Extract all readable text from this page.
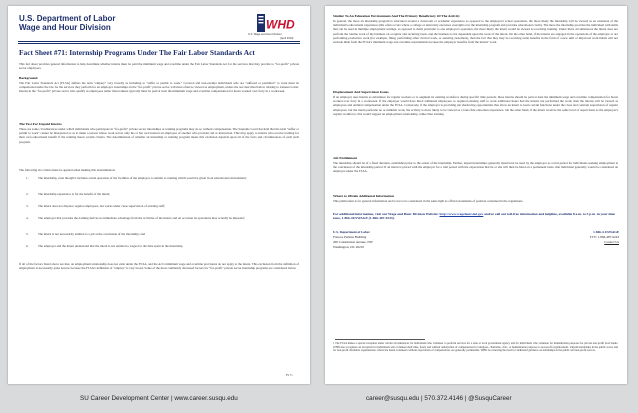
U.S. Department of Labor
Wage and Hour Division	WHD
U.S. Wage and Hour Division
(April 2010)
Fact Sheet #71: Internship Programs Under The Fair Labor Standards Act
This fact sheet provides general information to help determine whether interns must be paid the minimum wage and overtime under the Fair Labor Standards Act for the services that they provide to "for-profit" private sector employers.
Background
The Fair Labor Standards Act (FLSA) defines the term "employ" very broadly as including to "suffer or permit to work." Covered and non-exempt individuals who are "suffered or permitted" to work must be compensated under the law for the services they perform for an employer. Internships in the "for-profit" private sector will most often be viewed as employment, unless the test described below relating to trainees is met. Interns in the "for-profit" private sector who qualify as employees rather than trainees typically must be paid at least the minimum wage and overtime compensation for hours worked over forty in a workweek.
The Test For Unpaid Interns
There are some circumstances under which individuals who participate in "for-profit" private sector internships or training programs may do so without compensation. The Supreme Court has held that the term "suffer or permit to work" cannot be interpreted so as to make a person whose work serves only his or her own interest an employee of another who provides aid or instruction. This may apply to interns who receive training for their own educational benefit if the training meets certain criteria. The determination of whether an internship or training program meets this exclusion depends upon all of the facts and circumstances of each such program.
The following six criteria must be applied when making this determination:
1.	The internship, even though it includes actual operation of the facilities of the employer, is similar to training which would be given in an educational environment;
2.	The internship experience is for the benefit of the intern;
3.	The intern does not displace regular employees, but works under close supervision of existing staff;
4.	The employer that provides the training derives no immediate advantage from the activities of the intern; and on occasion its operations may actually be impeded;
5.	The intern is not necessarily entitled to a job at the conclusion of the internship; and
6.	The employer and the intern understand that the intern is not entitled to wages for the time spent in the internship.
If all of the factors listed above are met, an employment relationship does not exist under the FLSA, and the Act's minimum wage and overtime provisions do not apply to the intern. This exclusion from the definition of employment is necessarily quite narrow because the FLSA's definition of "employ" is very broad. Some of the most commonly discussed factors for "for-profit" private sector internship programs are considered below.
FS 71
Similar To An Education Environment And The Primary Beneficiary Of The Activity
In general, the more an internship program is structured around a classroom or academic experience as opposed to the employer's actual operations, the more likely the internship will be viewed as an extension of the individual's educational experience (this often occurs where a college or university exercises oversight over the internship program and provides educational credit). The more the internship provides the individual with skills that can be used in multiple employment settings, as opposed to skills particular to one employer's operation, the more likely the intern would be viewed as receiving training. Under these circumstances the intern does not perform the routine work of the business on a regular and recurring basis, and the business is not dependent upon the work of the intern. On the other hand, if the interns are engaged in the operations of the employer or are performing productive work (for example, filing, performing other clerical work, or assisting customers), then the fact that they may be receiving some benefits in the form of a new skill or improved work habits will not exclude them from the FLSA's minimum wage and overtime requirements because the employer benefits from the interns' work.
Displacement And Supervision Issues
If an employer uses interns as substitutes for regular workers or to augment its existing workforce during specific time periods, these interns should be paid at least the minimum wage and overtime compensation for hours worked over forty in a workweek. If the employer would have hired additional employees or required existing staff to work additional hours had the interns not performed the work, then the interns will be viewed as employees and entitled compensation under the FLSA. Conversely, if the employer is providing job shadowing opportunities that allow an intern to learn certain functions under the close and constant supervision of regular employees, but the intern performs no or minimal work, the activity is more likely to be viewed as a bona fide education experience. On the other hand, if the intern receives the same level of supervision as the employer's regular workforce, this would suggest an employment relationship, rather than training.
Job Entitlement
The internship should be of a fixed duration, established prior to the outset of the internship. Further, unpaid internships generally should not be used by the employer as a trial period for individuals seeking employment at the conclusion of the internship period. If an intern is placed with the employer for a trial period with the expectation that he or she will then be hired on a permanent basis, that individual generally would be considered an employee under the FLSA.
Where to Obtain Additional Information
This publication is for general information and is not to be considered in the same light as official statements of position contained in the regulations.
For additional information, visit our Wage and Hour Division Website: http://www.wagehour.dol.gov and/or call our toll-free information and helpline, available 8 a.m. to 5 p.m. in your time zone, 1-866-4USWAGE (1-866-487-9243).
U.S. Department of Labor
Frances Perkins Building
200 Constitution Avenue, NW
Washington, DC 20210
1-866-4-USWAGE
TTY: 1-866-487-9243
Contact Us
1 The FLSA makes a special exception under certain circumstances for individuals who volunteer to perform services for a state or local government agency and for individuals who volunteer for humanitarian purposes for private non-profit food banks. WHD also recognizes an exception for individuals who volunteer their time, freely and without anticipation of compensation for religious, charitable, civic, or humanitarian purposes to non-profit organizations. Unpaid internships in the public sector and for non-profit charitable organizations, where the intern volunteers without expectation of compensation, are generally permissible. WHD is reviewing the need for additional guidance on internships in the public and non-profit sectors.
SU Career Development Center | www.career.susqu.edu	career@susqu.edu | 570.372.4146 | @SusquCareer
